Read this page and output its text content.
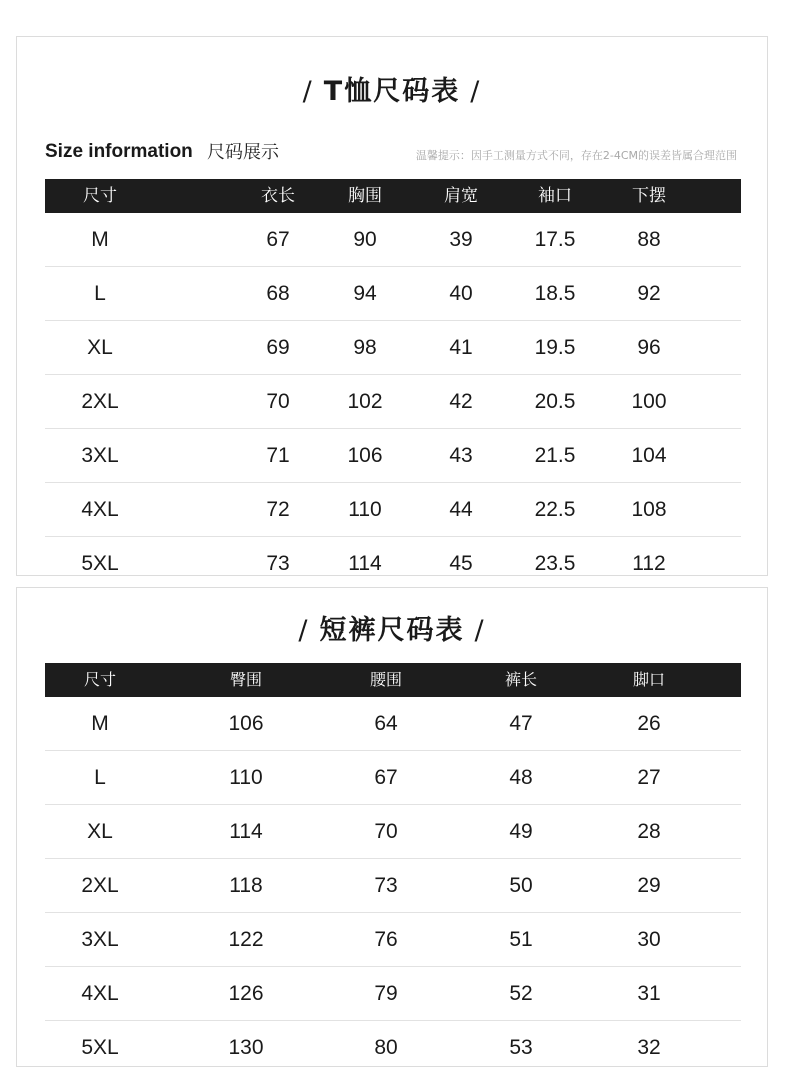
/ T恤尺码表 /
Size information 尺码展示	温馨提示：因手工测量方式不同，存在2-4CM的误差皆属合理范围
尺寸	衣长	胸围	肩宽	袖口	下摆
M	67	90	39	17.5	88
L	68	94	40	18.5	92
XL	69	98	41	19.5	96
2XL	70	102	42	20.5	100
3XL	71	106	43	21.5	104
4XL	72	110	44	22.5	108
5XL	73	114	45	23.5	112
/ 短裤尺码表 /
尺寸	臀围	腰围	裤长	脚口
M	106	64	47	26
L	110	67	48	27
XL	114	70	49	28
2XL	118	73	50	29
3XL	122	76	51	30
4XL	126	79	52	31
5XL	130	80	53	32
